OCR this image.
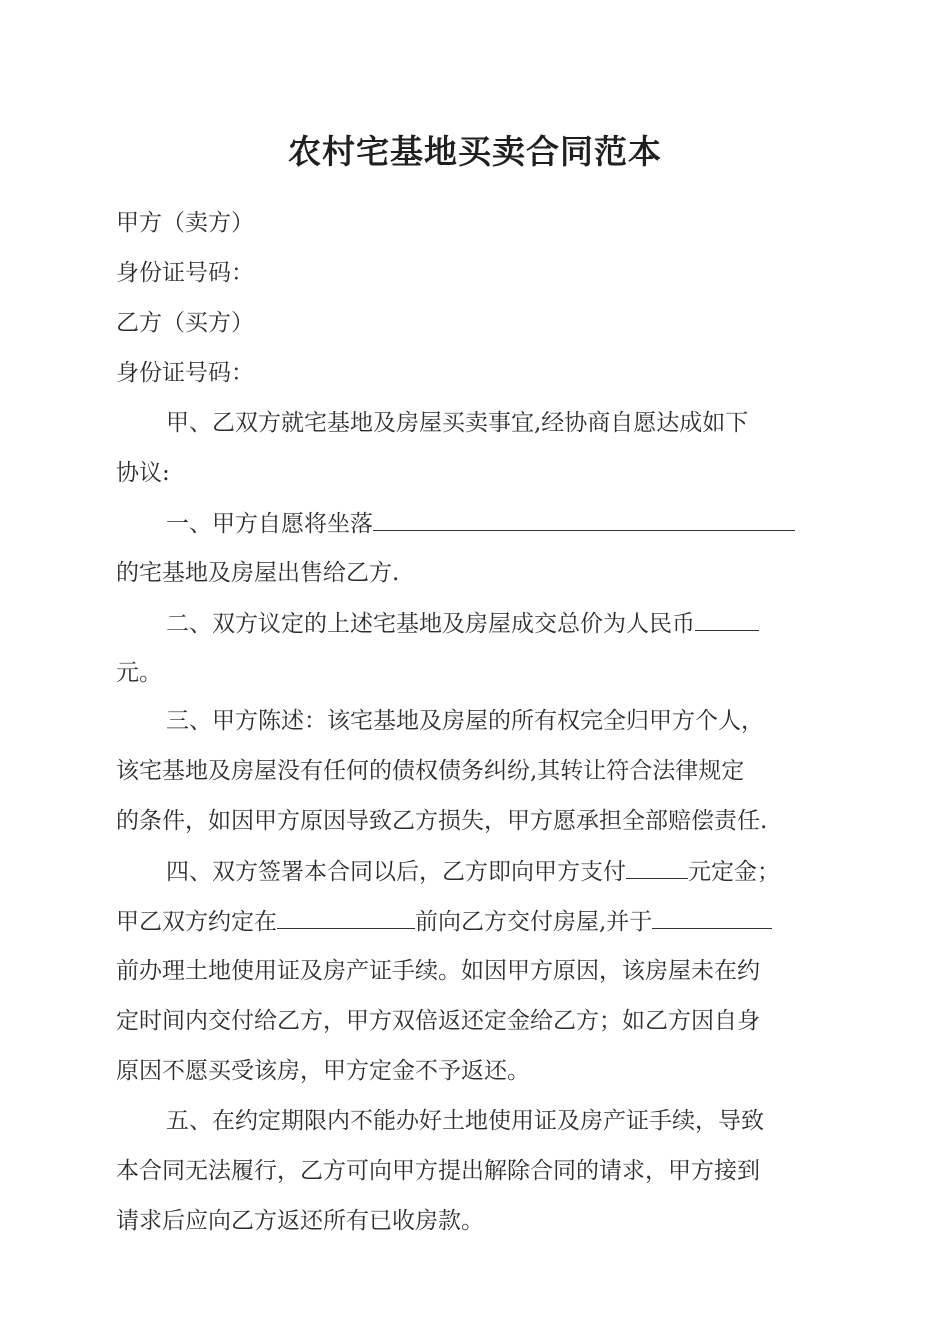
农村宅基地买卖合同范本
甲方（卖方）
身份证号码：
乙方（买方）
身份证号码：
甲、乙双方就宅基地及房屋买卖事宜,经协商自愿达成如下
协议:
一、甲方自愿将坐落
的宅基地及房屋出售给乙方.
二、双方议定的上述宅基地及房屋成交总价为人民币
元。
三、甲方陈述：该宅基地及房屋的所有权完全归甲方个人，
该宅基地及房屋没有任何的债权债务纠纷,其转让符合法律规定
的条件，如因甲方原因导致乙方损失，甲方愿承担全部赔偿责任.
四、双方签署本合同以后，乙方即向甲方支付	元定金；
甲乙双方约定在	前向乙方交付房屋,并于
前办理土地使用证及房产证手续。如因甲方原因，该房屋未在约
定时间内交付给乙方，甲方双倍返还定金给乙方；如乙方因自身
原因不愿买受该房，甲方定金不予返还。
五、在约定期限内不能办好土地使用证及房产证手续，导致
本合同无法履行，乙方可向甲方提出解除合同的请求，甲方接到
请求后应向乙方返还所有已收房款。
